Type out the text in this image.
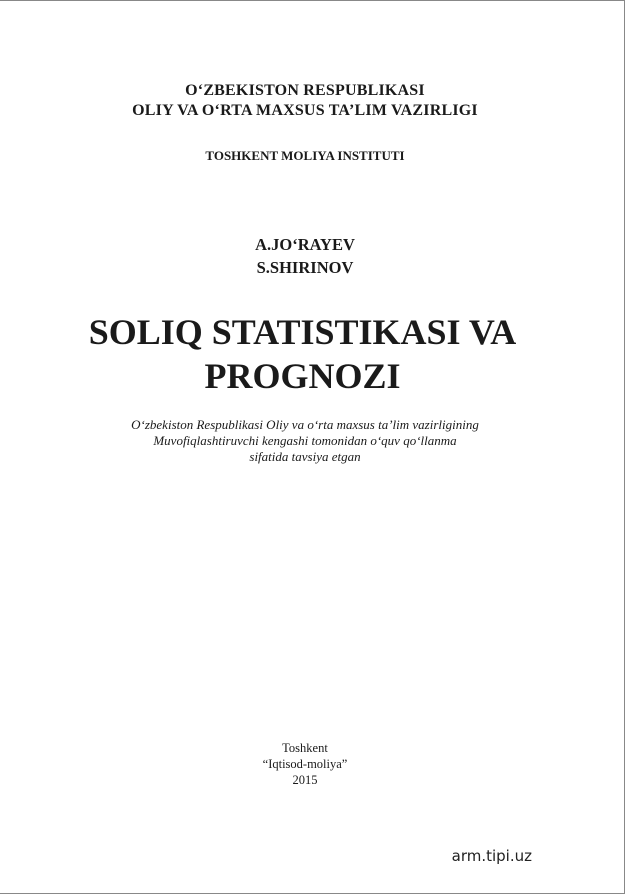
O‘ZBEKISTON RESPUBLIKASI
OLIY VA O‘RTA MAXSUS TA’LIM VAZIRLIGI
TOSHKENT MOLIYA INSTITUTI
A.JO‘RAYEV
S.SHIRINOV
SOLIQ STATISTIKASI VA
PROGNOZI
O‘zbekiston Respublikasi Oliy va o‘rta maxsus ta’lim vazirligining
Muvofiqlashtiruvchi kengashi tomonidan o‘quv qo‘llanma
sifatida tavsiya etgan
Toshkent
“Iqtisod-moliya”
2015
arm.tipi.uz
